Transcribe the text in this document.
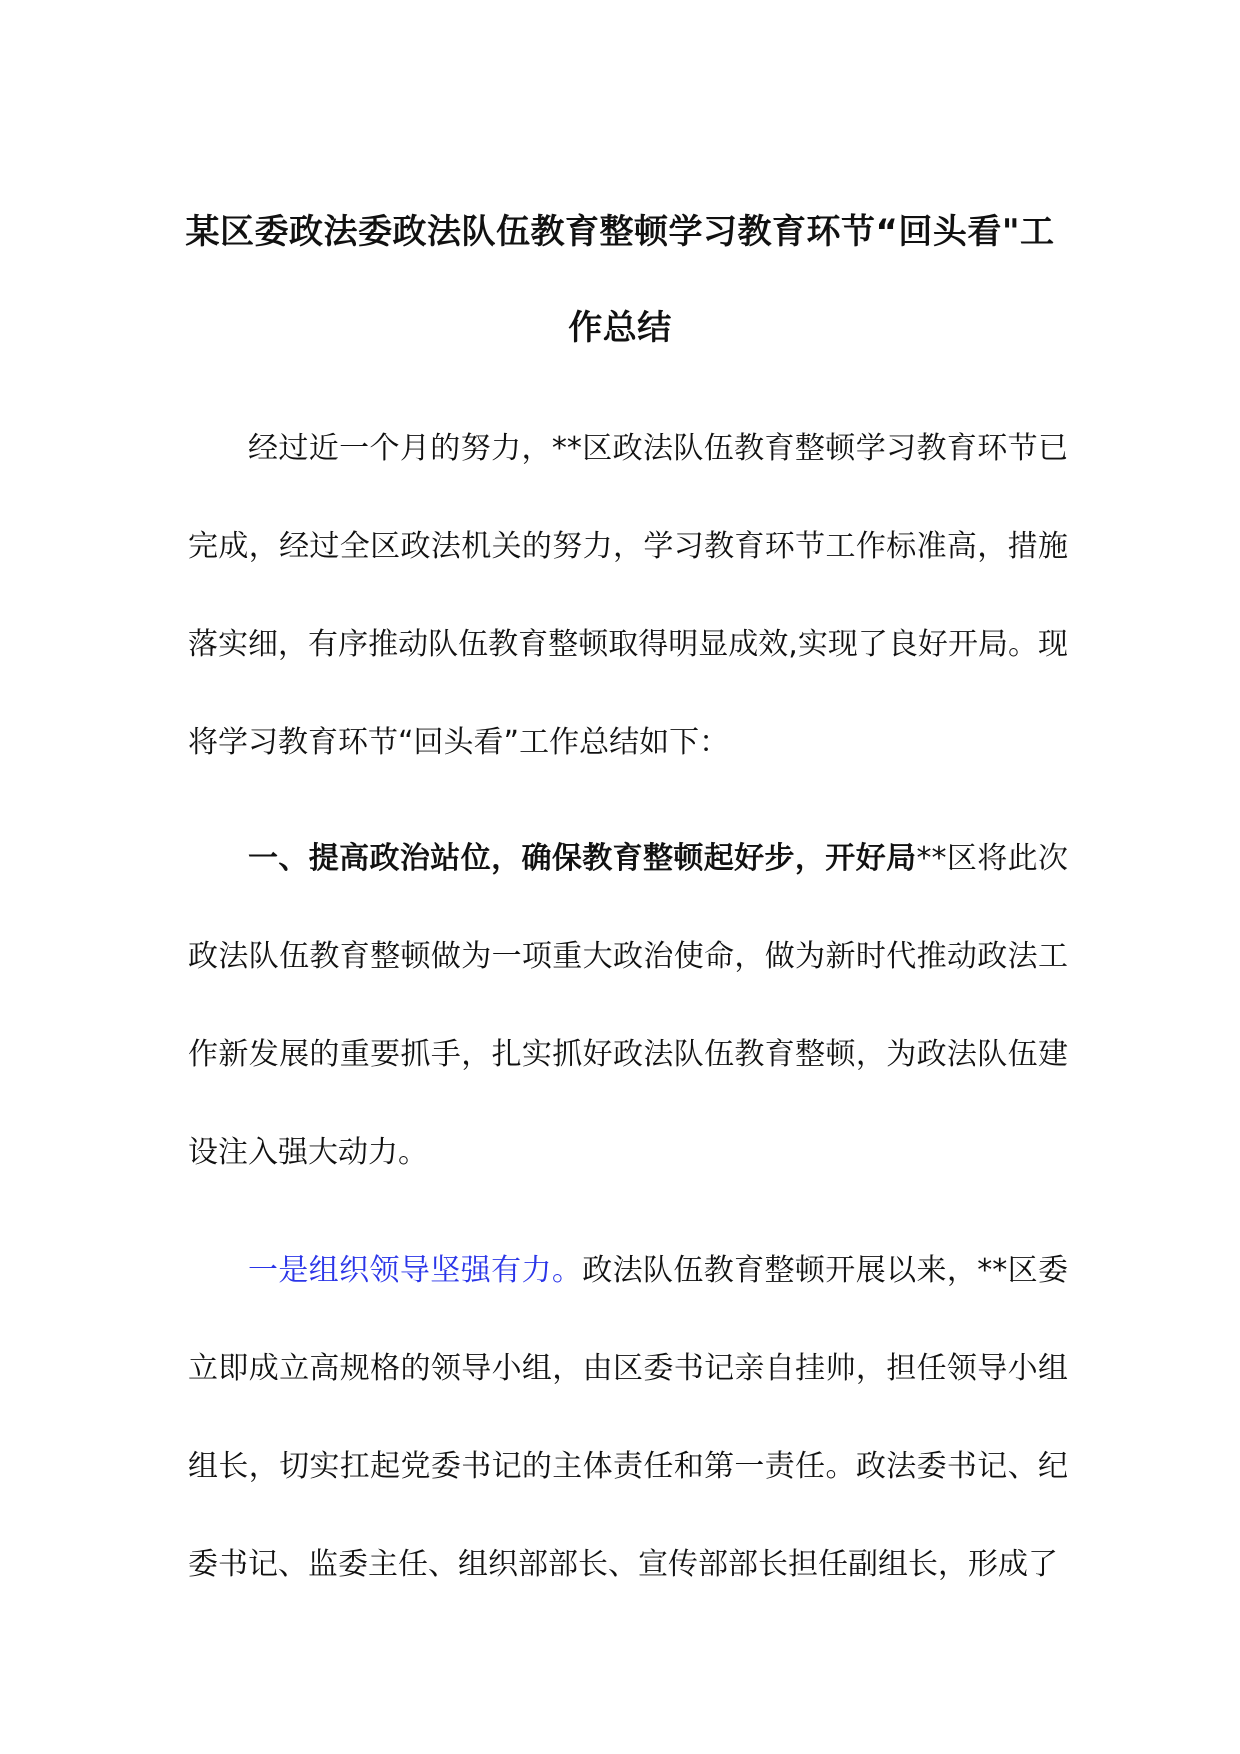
某区委政法委政法队伍教育整顿学习教育环节“回头看"工
作总结

经过近一个月的努力，**区政法队伍教育整顿学习教育环节已完成，经过全区政法机关的努力，学习教育环节工作标准高，措施落实细，有序推动队伍教育整顿取得明显成效,实现了良好开局。现将学习教育环节“回头看”工作总结如下：

一、提高政治站位，确保教育整顿起好步，开好局**区将此次政法队伍教育整顿做为一项重大政治使命，做为新时代推动政法工作新发展的重要抓手，扎实抓好政法队伍教育整顿，为政法队伍建设注入强大动力。

一是组织领导坚强有力。政法队伍教育整顿开展以来，**区委立即成立高规格的领导小组，由区委书记亲自挂帅，担任领导小组组长，切实扛起党委书记的主体责任和第一责任。政法委书记、纪委书记、监委主任、组织部部长、宣传部部长担任副组长，形成了
